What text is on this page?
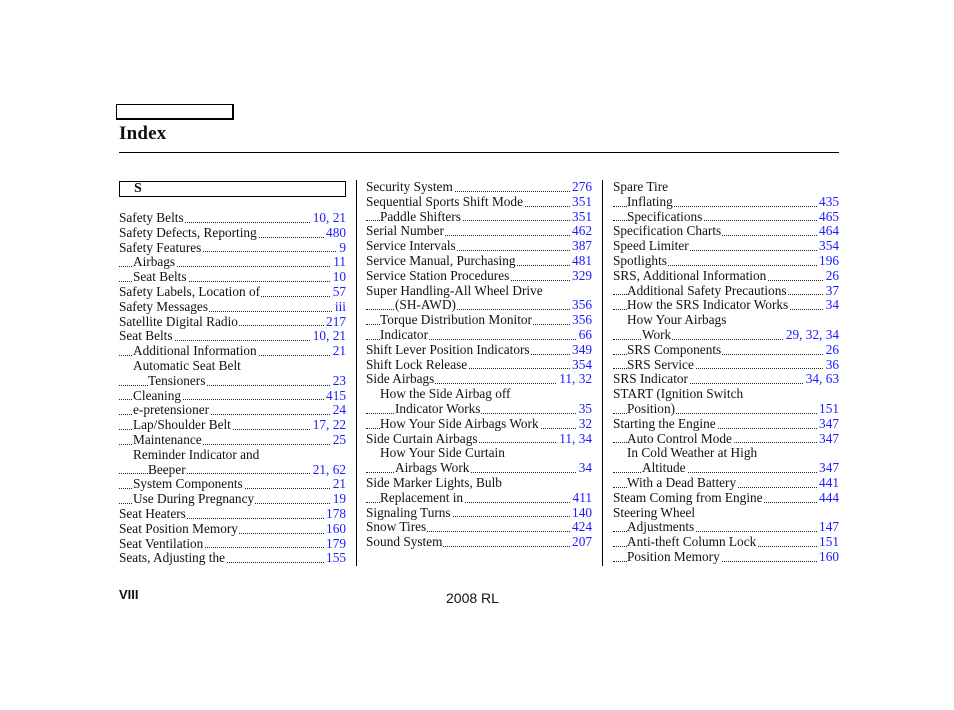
Index
S
Safety Belts	10, 21
Safety Defects, Reporting	480
Safety Features	9
Airbags	11
Seat Belts	10
Safety Labels, Location of	57
Safety Messages	iii
Satellite Digital Radio	217
Seat Belts	10, 21
Additional Information	21
Automatic Seat Belt
Tensioners	23
Cleaning	415
e-pretensioner	24
Lap/Shoulder Belt	17, 22
Maintenance	25
Reminder Indicator and
Beeper	21, 62
System Components	21
Use During Pregnancy	19
Seat Heaters	178
Seat Position Memory	160
Seat Ventilation	179
Seats, Adjusting the	155
Security System	276
Sequential Sports Shift Mode	351
Paddle Shifters	351
Serial Number	462
Service Intervals	387
Service Manual, Purchasing	481
Service Station Procedures	329
Super Handling-All Wheel Drive
(SH-AWD)	356
Torque Distribution Monitor	356
Indicator	66
Shift Lever Position Indicators	349
Shift Lock Release	354
Side Airbags	11, 32
How the Side Airbag off
Indicator Works	35
How Your Side Airbags Work	32
Side Curtain Airbags	11, 34
How Your Side Curtain
Airbags Work	34
Side Marker Lights, Bulb
Replacement in	411
Signaling Turns	140
Snow Tires	424
Sound System	207
Spare Tire
Inflating	435
Specifications	465
Specification Charts	464
Speed Limiter	354
Spotlights	196
SRS, Additional Information	26
Additional Safety Precautions	37
How the SRS Indicator Works	34
How Your Airbags
Work	29, 32, 34
SRS Components	26
SRS Service	36
SRS Indicator	34, 63
START (Ignition Switch
Position)	151
Starting the Engine	347
Auto Control Mode	347
In Cold Weather at High
Altitude	347
With a Dead Battery	441
Steam Coming from Engine	444
Steering Wheel
Adjustments	147
Anti-theft Column Lock	151
Position Memory	160
VIII	2008 RL
